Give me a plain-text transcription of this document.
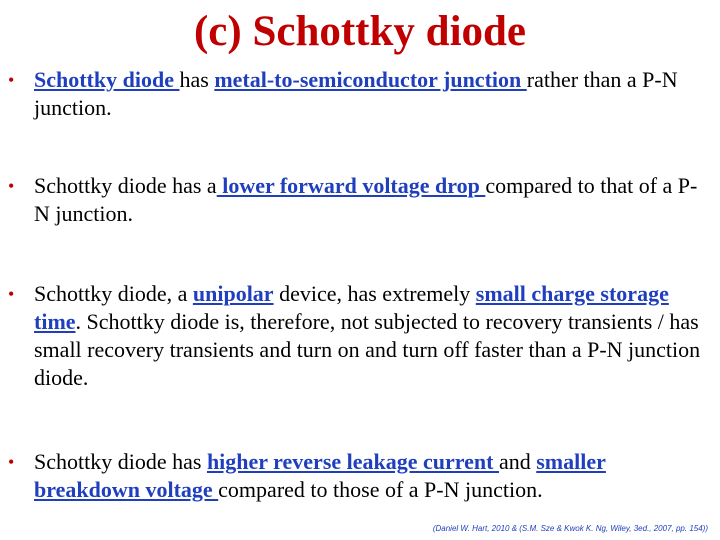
(c) Schottky diode
• Schottky diode has metal-to-semiconductor junction rather than a P-N junction.
• Schottky diode has a lower forward voltage drop compared to that of a P-N junction.
• Schottky diode, a unipolar device, has extremely small charge storage time. Schottky diode is, therefore, not subjected to recovery transients / has small recovery transients and turn on and turn off faster than a P-N junction diode.
• Schottky diode has higher reverse leakage current and smaller breakdown voltage compared to those of a P-N junction.
(Daniel W. Hart, 2010 & (S.M. Sze & Kwok K. Ng, Wiley, 3ed., 2007, pp. 154))
